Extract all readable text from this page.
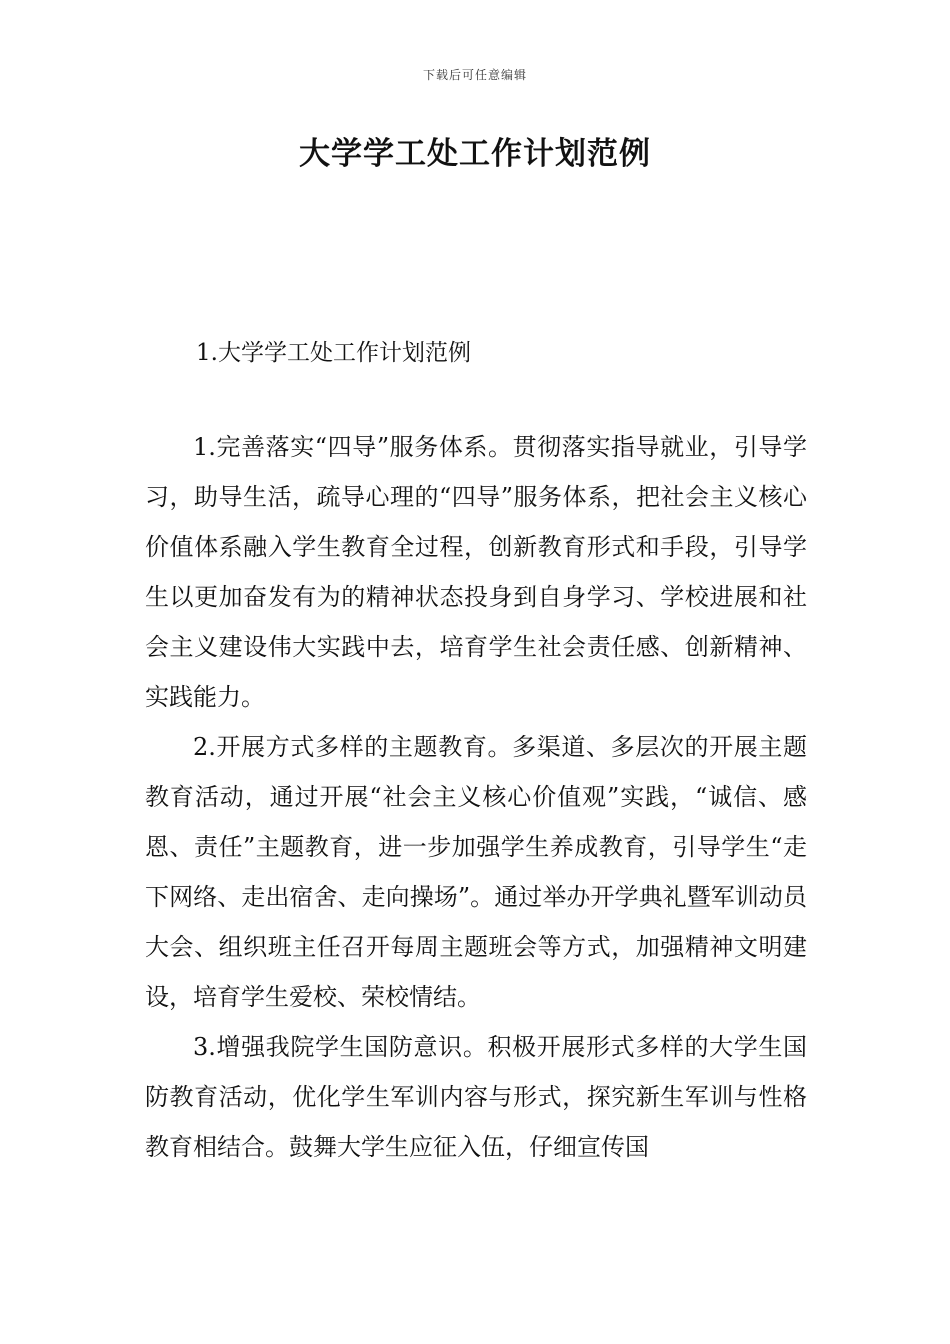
下载后可任意编辑
大学学工处工作计划范例
1.大学学工处工作计划范例

1.完善落实“四导”服务体系。贯彻落实指导就业，引导学习，助导生活，疏导心理的“四导”服务体系，把社会主义核心价值体系融入学生教育全过程，创新教育形式和手段，引导学生以更加奋发有为的精神状态投身到自身学习、学校进展和社会主义建设伟大实践中去，培育学生社会责任感、创新精神、实践能力。

2.开展方式多样的主题教育。多渠道、多层次的开展主题教育活动，通过开展“社会主义核心价值观”实践，“诚信、感恩、责任”主题教育，进一步加强学生养成教育，引导学生“走下网络、走出宿舍、走向操场”。通过举办开学典礼暨军训动员大会、组织班主任召开每周主题班会等方式，加强精神文明建设，培育学生爱校、荣校情结。

3.增强我院学生国防意识。积极开展形式多样的大学生国防教育活动，优化学生军训内容与形式，探究新生军训与性格教育相结合。鼓舞大学生应征入伍，仔细宣传国
